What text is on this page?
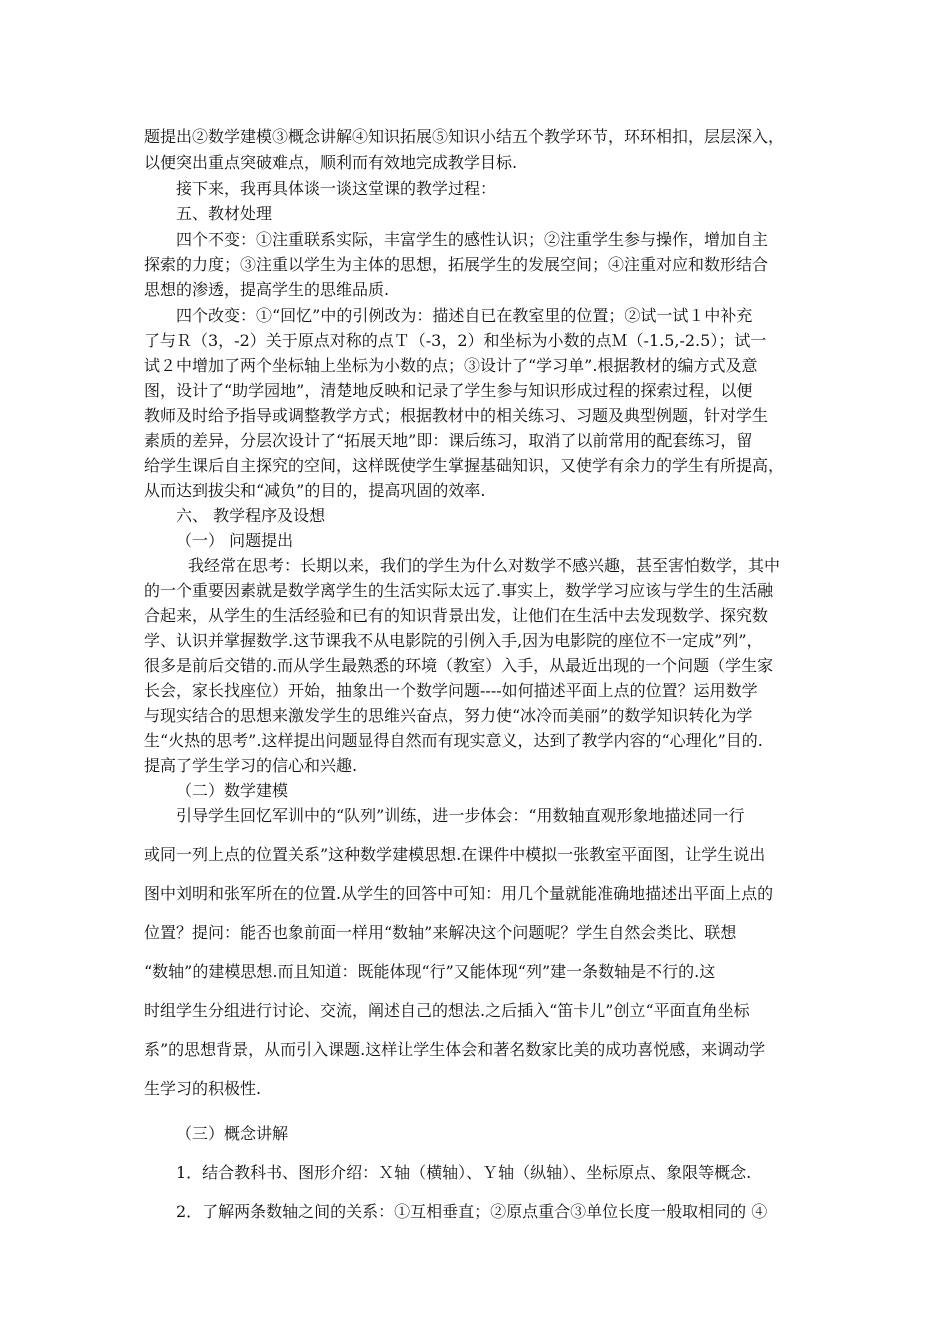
题提出②数学建模③概念讲解④知识拓展⑤知识小结五个教学环节，环环相扣，层层深入，
以便突出重点突破难点，顺利而有效地完成教学目标.
接下来，我再具体谈一谈这堂课的教学过程：
五、教材处理
四个不变：①注重联系实际，丰富学生的感性认识；②注重学生参与操作，增加自主
探索的力度；③注重以学生为主体的思想，拓展学生的发展空间；④注重对应和数形结合
思想的渗透，提高学生的思维品质.
四个改变：①“回忆”中的引例改为：描述自已在教室里的位置；②试一试１中补充
了与Ｒ（3，-2）关于原点对称的点Ｔ（-3，2）和坐标为小数的点Ｍ（-1.5,-2.5）；试一
试２中增加了两个坐标轴上坐标为小数的点；③设计了“学习单”.根据教材的编方式及意
图，设计了“助学园地”，清楚地反映和记录了学生参与知识形成过程的探索过程，以便
教师及时给予指导或调整教学方式；根据教材中的相关练习、习题及典型例题，针对学生
素质的差异，分层次设计了“拓展天地”即：课后练习，取消了以前常用的配套练习，留
给学生课后自主探究的空间，这样既使学生掌握基础知识，又使学有余力的学生有所提高，
从而达到拔尖和“减负”的目的，提高巩固的效率.
六、 教学程序及设想
（一） 问题提出
我经常在思考：长期以来，我们的学生为什么对数学不感兴趣，甚至害怕数学，其中
的一个重要因素就是数学离学生的生活实际太远了.事实上，数学学习应该与学生的生活融
合起来，从学生的生活经验和已有的知识背景出发，让他们在生活中去发现数学、探究数
学、认识并掌握数学.这节课我不从电影院的引例入手,因为电影院的座位不一定成”列”，
很多是前后交错的.而从学生最熟悉的环境（教室）入手，从最近出现的一个问题（学生家
长会，家长找座位）开始，抽象出一个数学问题----如何描述平面上点的位置？运用数学
与现实结合的思想来激发学生的思维兴奋点，努力使“冰冷而美丽”的数学知识转化为学
生“火热的思考”.这样提出问题显得自然而有现实意义，达到了教学内容的“心理化”目的.
提高了学生学习的信心和兴趣.
（二）数学建模
引导学生回忆军训中的“队列”训练，进一步体会：“用数轴直观形象地描述同一行
或同一列上点的位置关系”这种数学建模思想.在课件中模拟一张教室平面图，让学生说出
图中刘明和张军所在的位置.从学生的回答中可知：用几个量就能准确地描述出平面上点的
位置？提问：能否也象前面一样用“数轴”来解决这个问题呢？学生自然会类比、联想
“数轴”的建模思想.而且知道：既能体现“行”又能体现“列”建一条数轴是不行的.这
时组学生分组进行讨论、交流，阐述自己的想法.之后插入“笛卡儿”创立“平面直角坐标
系”的思想背景，从而引入课题.这样让学生体会和著名数家比美的成功喜悦感，来调动学
生学习的积极性.
（三）概念讲解
1．结合教科书、图形介绍：Ｘ轴（横轴）、Ｙ轴（纵轴）、坐标原点、象限等概念.
2．了解两条数轴之间的关系：①互相垂直；②原点重合③单位长度一般取相同的 ④
